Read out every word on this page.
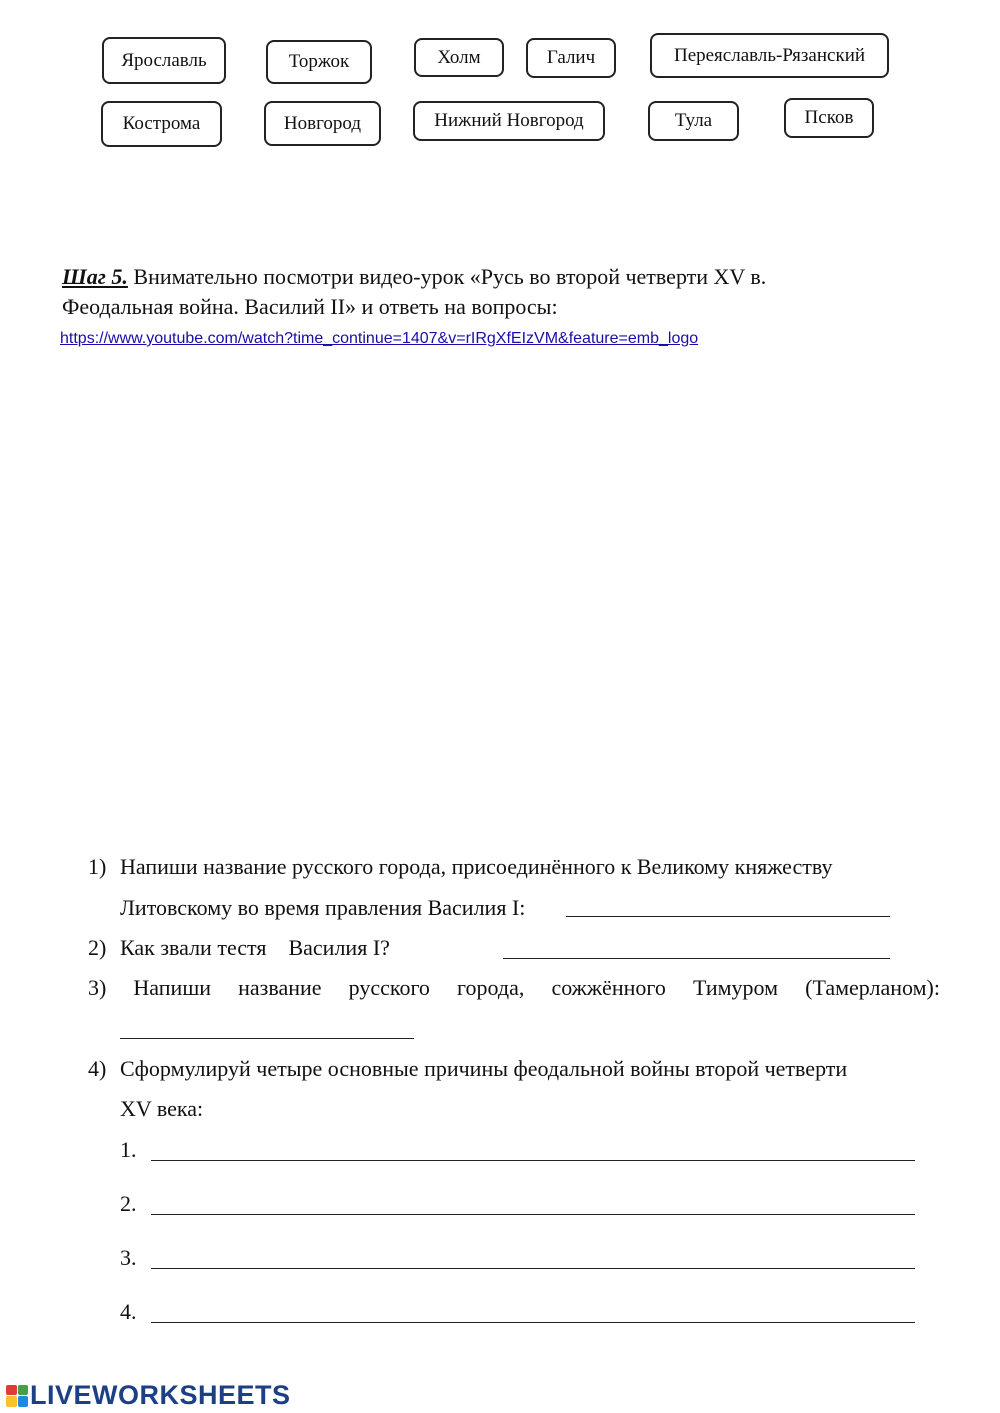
Ярославль	Торжок	Холм	Галич	Переяславль-Рязанский
Кострома	Новгород	Нижний Новгород	Тула	Псков
Шаг 5. Внимательно посмотри видео-урок «Русь во второй четверти XV в.
Феодальная война. Василий II» и ответь на вопросы:
https://www.youtube.com/watch?time_continue=1407&v=rIRgXfEIzVM&feature=emb_logo
1) Напиши название русского города, присоединённого к Великому княжеству
Литовскому во время правления Василия I:
2) Как звали тестя    Василия I?
3) Напиши название русского города, сожжённого Тимуром (Тамерланом):
4) Сформулируй четыре основные причины феодальной войны второй четверти
XV века:
1.
2.
3.
4.
LIVEWORKSHEETS
